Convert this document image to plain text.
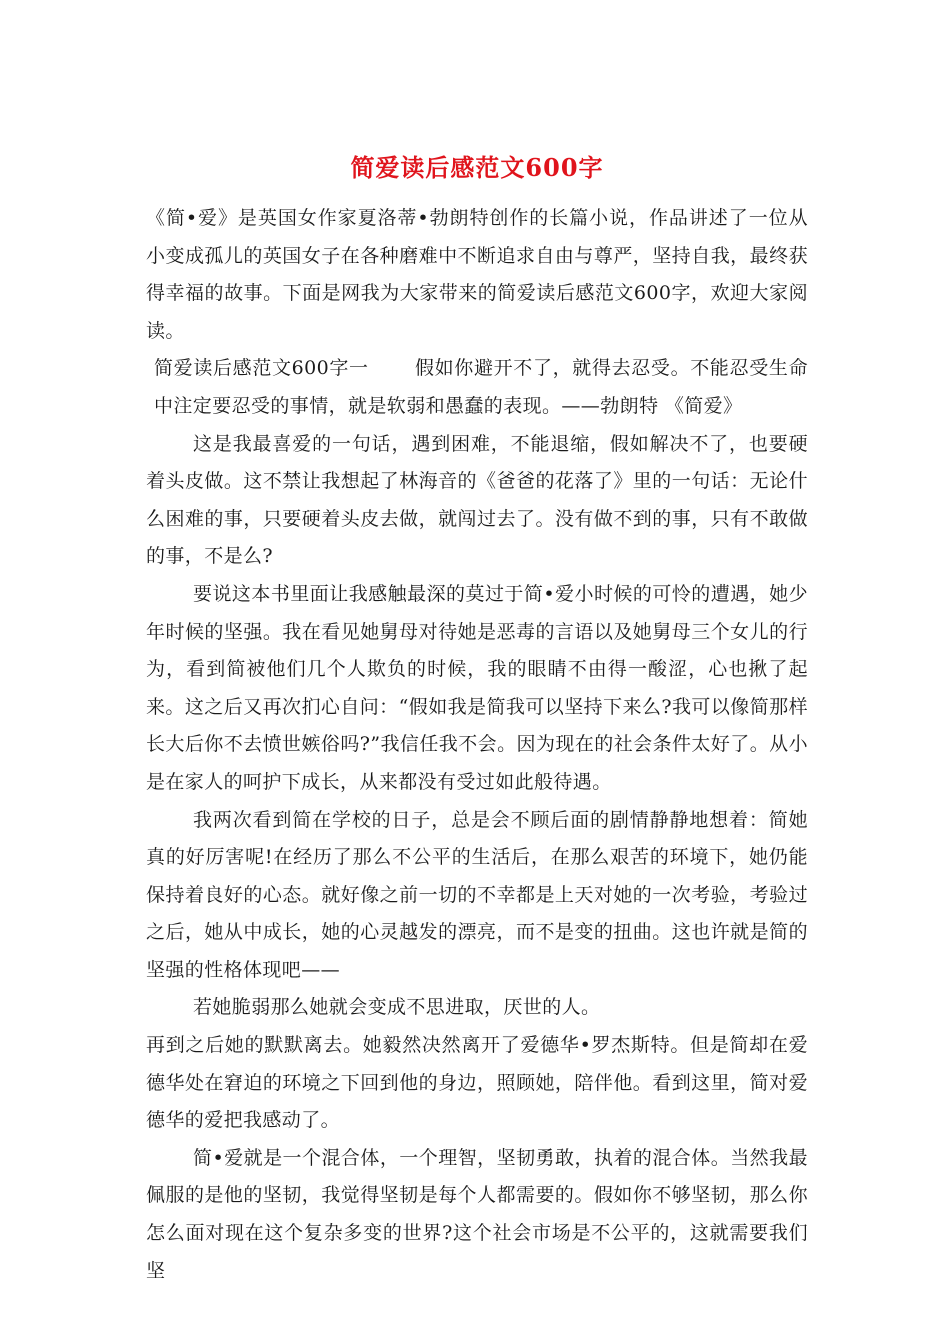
简爱读后感范文600字

《简•爱》是英国女作家夏洛蒂•勃朗特创作的长篇小说，作品讲述了一位从小变成孤儿的英国女子在各种磨难中不断追求自由与尊严，坚持自我，最终获得幸福的故事。下面是网我为大家带来的简爱读后感范文600字，欢迎大家阅读。

简爱读后感范文600字一 假如你避开不了，就得去忍受。不能忍受生命中注定要忍受的事情，就是软弱和愚蠢的表现。——勃朗特 《简爱》

这是我最喜爱的一句话，遇到困难，不能退缩，假如解决不了，也要硬着头皮做。这不禁让我想起了林海音的《爸爸的花落了》里的一句话：无论什么困难的事，只要硬着头皮去做，就闯过去了。没有做不到的事，只有不敢做的事，不是么?

要说这本书里面让我感触最深的莫过于简•爱小时候的可怜的遭遇，她少年时候的坚强。我在看见她舅母对待她是恶毒的言语以及她舅母三个女儿的行为，看到简被他们几个人欺负的时候，我的眼睛不由得一酸涩，心也揪了起来。这之后又再次扪心自问：“假如我是简我可以坚持下来么?我可以像简那样长大后你不去愤世嫉俗吗?”我信任我不会。因为现在的社会条件太好了。从小是在家人的呵护下成长，从来都没有受过如此般待遇。

我两次看到简在学校的日子，总是会不顾后面的剧情静静地想着：简她真的好厉害呢!在经历了那么不公平的生活后，在那么艰苦的环境下，她仍能保持着良好的心态。就好像之前一切的不幸都是上天对她的一次考验，考验过之后，她从中成长，她的心灵越发的漂亮，而不是变的扭曲。这也许就是简的坚强的性格体现吧——

若她脆弱那么她就会变成不思进取，厌世的人。

再到之后她的默默离去。她毅然决然离开了爱德华•罗杰斯特。但是简却在爱德华处在窘迫的环境之下回到他的身边，照顾她，陪伴他。看到这里，简对爱德华的爱把我感动了。

简•爱就是一个混合体，一个理智，坚韧勇敢，执着的混合体。当然我最佩服的是他的坚韧，我觉得坚韧是每个人都需要的。假如你不够坚韧，那么你怎么面对现在这个复杂多变的世界?这个社会市场是不公平的，这就需要我们坚
